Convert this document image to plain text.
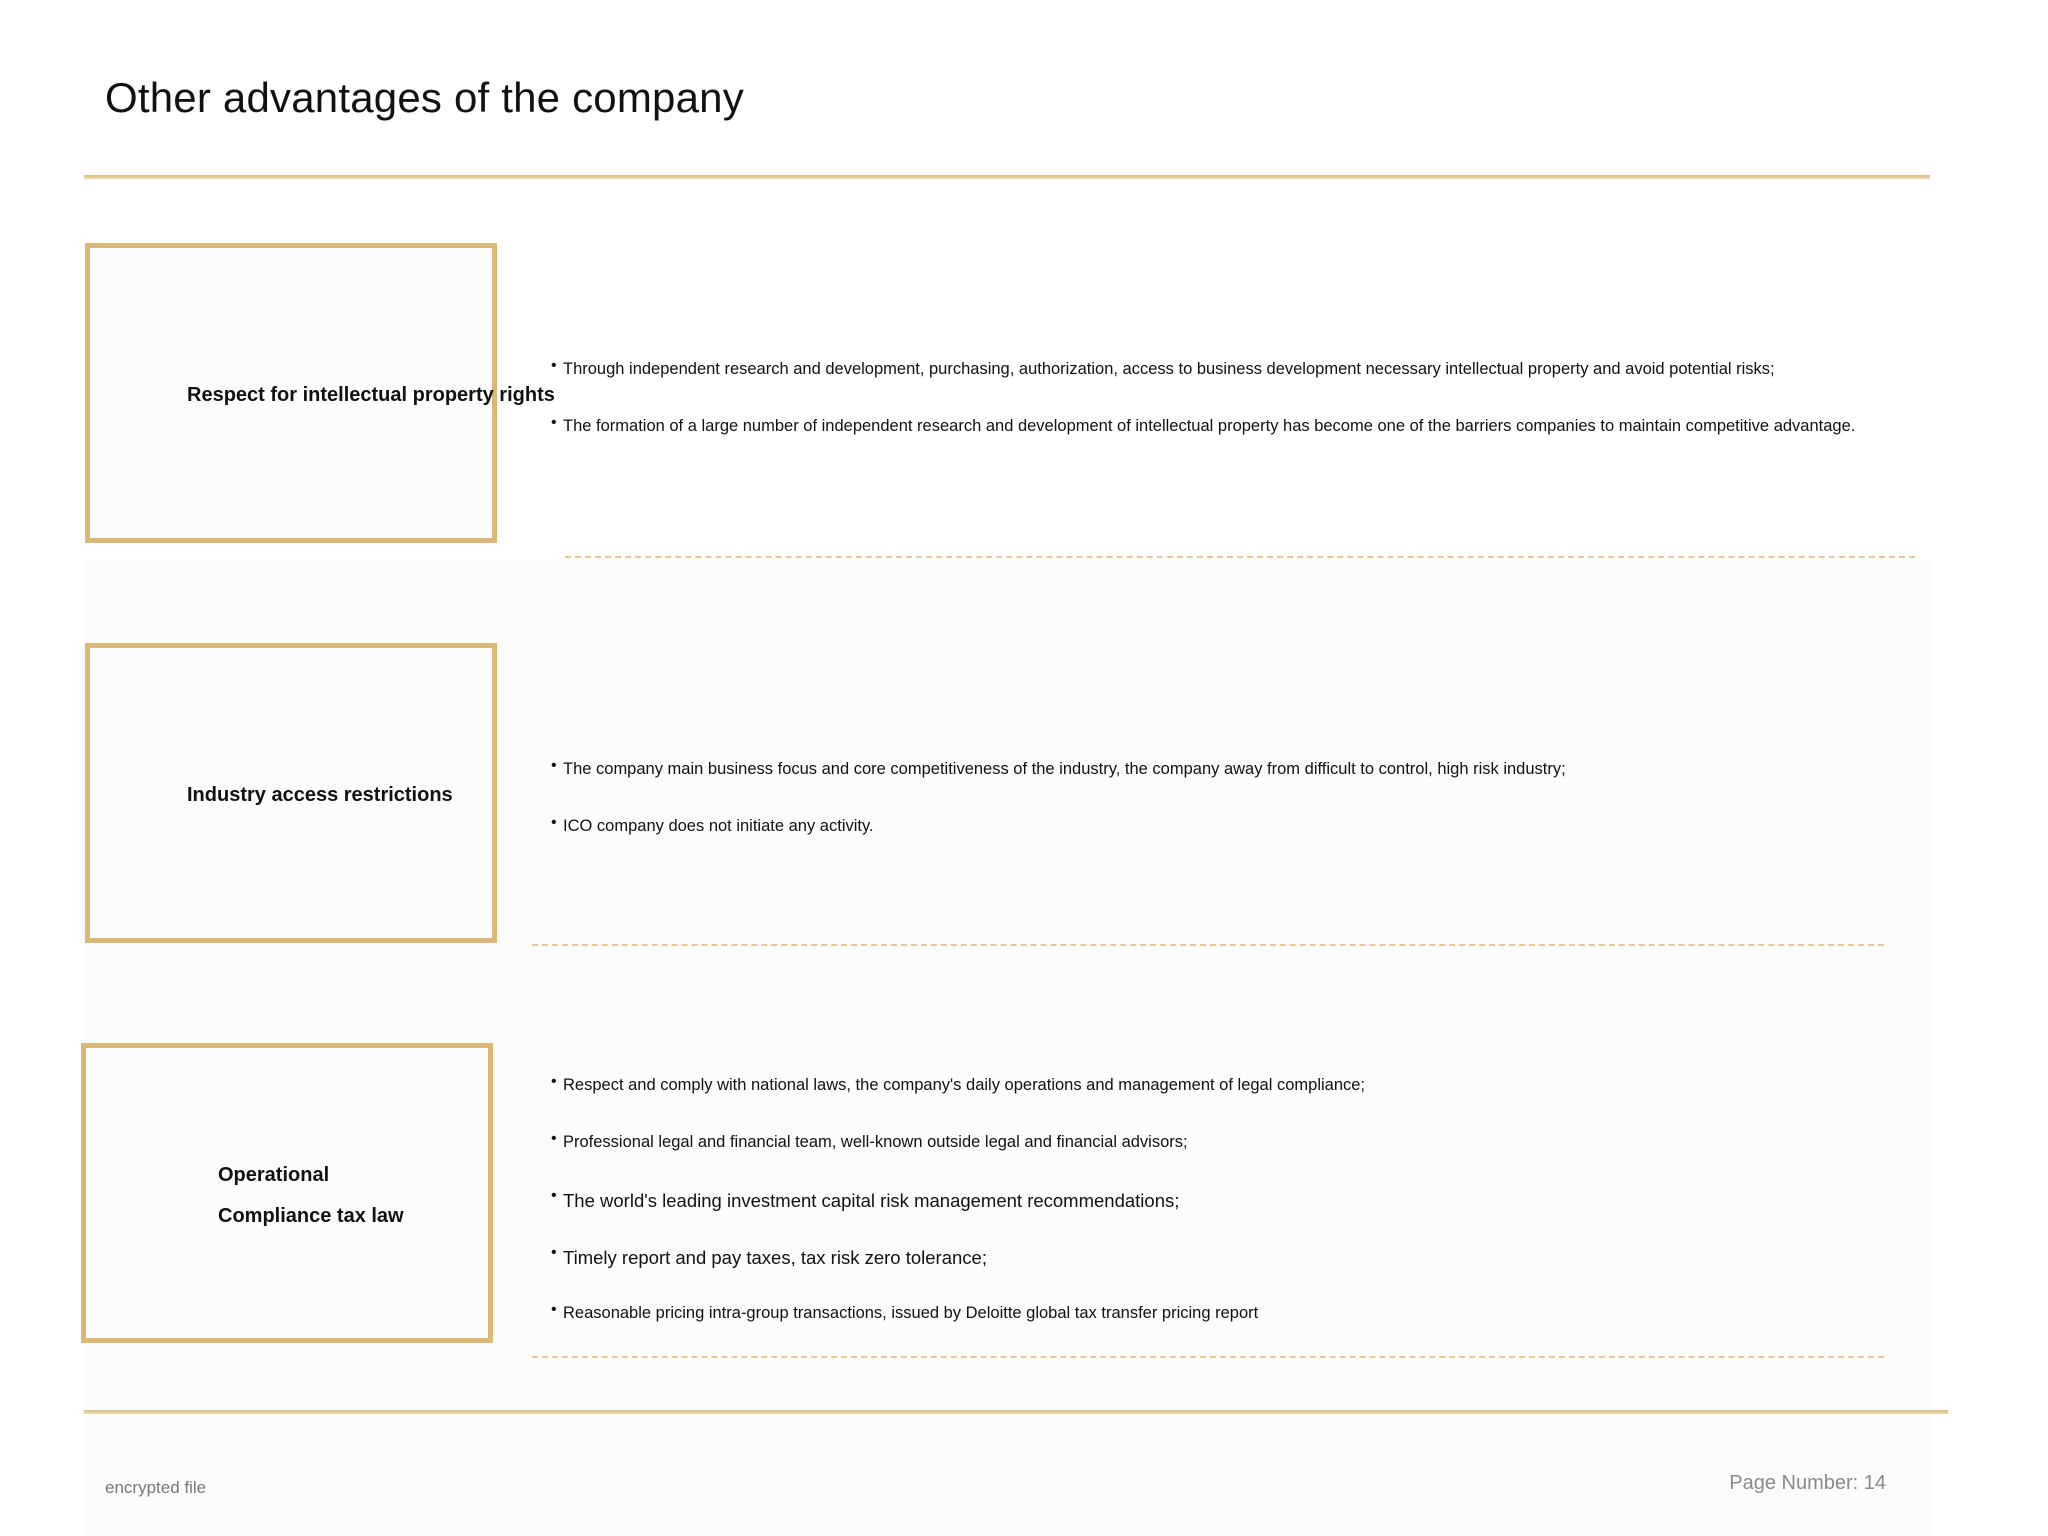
Other advantages of the company
Respect for intellectual property rights
• Through independent research and development, purchasing, authorization, access to business development necessary intellectual property and avoid potential risks;
• The formation of a large number of independent research and development of intellectual property has become one of the barriers companies to maintain competitive advantage.
Industry access restrictions
• The company main business focus and core competitiveness of the industry, the company away from difficult to control, high risk industry;
• ICO company does not initiate any activity.
Operational
Compliance tax law
• Respect and comply with national laws, the company's daily operations and management of legal compliance;
• Professional legal and financial team, well-known outside legal and financial advisors;
• The world's leading investment capital risk management recommendations;
• Timely report and pay taxes, tax risk zero tolerance;
• Reasonable pricing intra-group transactions, issued by Deloitte global tax transfer pricing report
encrypted file	Page Number: 14
